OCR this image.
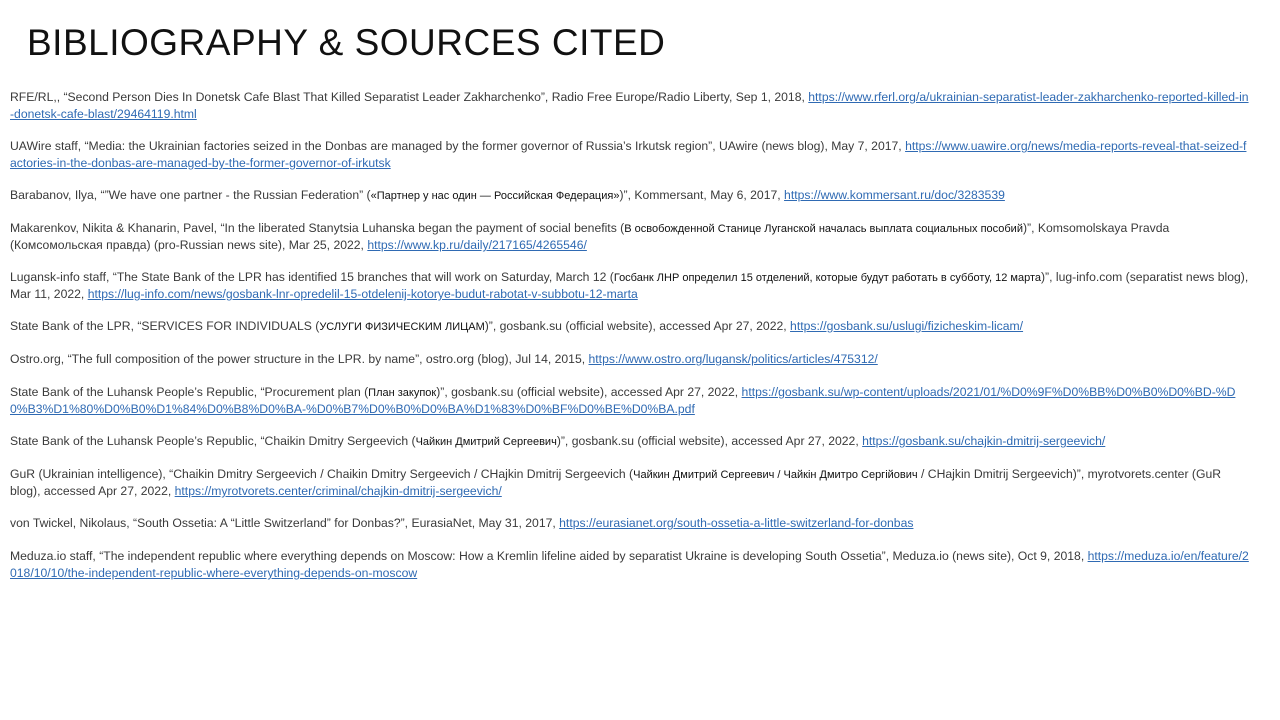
BIBLIOGRAPHY & SOURCES CITED
RFE/RL,, “Second Person Dies In Donetsk Cafe Blast That Killed Separatist Leader Zakharchenko”, Radio Free Europe/Radio Liberty, Sep 1, 2018, https://www.rferl.org/a/ukrainian-separatist-leader-zakharchenko-reported-killed-in-donetsk-cafe-blast/29464119.html
UAWire staff, “Media: the Ukrainian factories seized in the Donbas are managed by the former governor of Russia’s Irkutsk region”, UAwire (news blog), May 7, 2017, https://www.uawire.org/news/media-reports-reveal-that-seized-factories-in-the-donbas-are-managed-by-the-former-governor-of-irkutsk
Barabanov, Ilya, “”We have one partner - the Russian Federation” («Партнер у нас один — Российская Федерация»)”, Kommersant, May 6, 2017, https://www.kommersant.ru/doc/3283539
Makarenkov, Nikita & Khanarin, Pavel, “In the liberated Stanytsia Luhanska began the payment of social benefits (В освобожденной Станице Луганской началась выплата социальных пособий)”, Komsomolskaya Pravda (Комсомольская правда) (pro-Russian news site), Mar 25, 2022, https://www.kp.ru/daily/217165/4265546/
Lugansk-info staff, “The State Bank of the LPR has identified 15 branches that will work on Saturday, March 12 (Госбанк ЛНР определил 15 отделений, которые будут работать в субботу, 12 марта)”, lug-info.com (separatist news blog), Mar 11, 2022, https://lug-info.com/news/gosbank-lnr-opredelil-15-otdelenij-kotorye-budut-rabotat-v-subbotu-12-marta
State Bank of the LPR, “SERVICES FOR INDIVIDUALS (УСЛУГИ ФИЗИЧЕСКИМ ЛИЦАМ)”, gosbank.su (official website), accessed Apr 27, 2022, https://gosbank.su/uslugi/fizicheskim-licam/
Ostro.org, “The full composition of the power structure in the LPR. by name”, ostro.org (blog), Jul 14, 2015, https://www.ostro.org/lugansk/politics/articles/475312/
State Bank of the Luhansk People’s Republic, “Procurement plan (План закупок)”, gosbank.su (official website), accessed Apr 27, 2022, https://gosbank.su/wp-content/uploads/2021/01/%D0%9F%D0%BB%D0%B0%D0%BD-%D0%B3%D1%80%D0%B0%D1%84%D0%B8%D0%BA-%D0%B7%D0%B0%D0%BA%D1%83%D0%BF%D0%BE%D0%BA.pdf
State Bank of the Luhansk People’s Republic, “Chaikin Dmitry Sergeevich (Чайкин Дмитрий Сергеевич)”, gosbank.su (official website), accessed Apr 27, 2022, https://gosbank.su/chajkin-dmitrij-sergeevich/
GuR (Ukrainian intelligence), “Chaikin Dmitry Sergeevich / Chaikin Dmitry Sergeevich / CHajkin Dmitrij Sergeevich (Чайкин Дмитрий Сергеевич / Чайкін Дмитро Сергійович / CHajkin Dmitrij Sergeevich)”, myrotvorets.center (GuR blog), accessed Apr 27, 2022, https://myrotvorets.center/criminal/chajkin-dmitrij-sergeevich/
von Twickel, Nikolaus, “South Ossetia: A “Little Switzerland” for Donbas?”, EurasiaNet, May 31, 2017, https://eurasianet.org/south-ossetia-a-little-switzerland-for-donbas
Meduza.io staff, “The independent republic where everything depends on Moscow: How a Kremlin lifeline aided by separatist Ukraine is developing South Ossetia”, Meduza.io (news site), Oct 9, 2018, https://meduza.io/en/feature/2018/10/10/the-independent-republic-where-everything-depends-on-moscow
